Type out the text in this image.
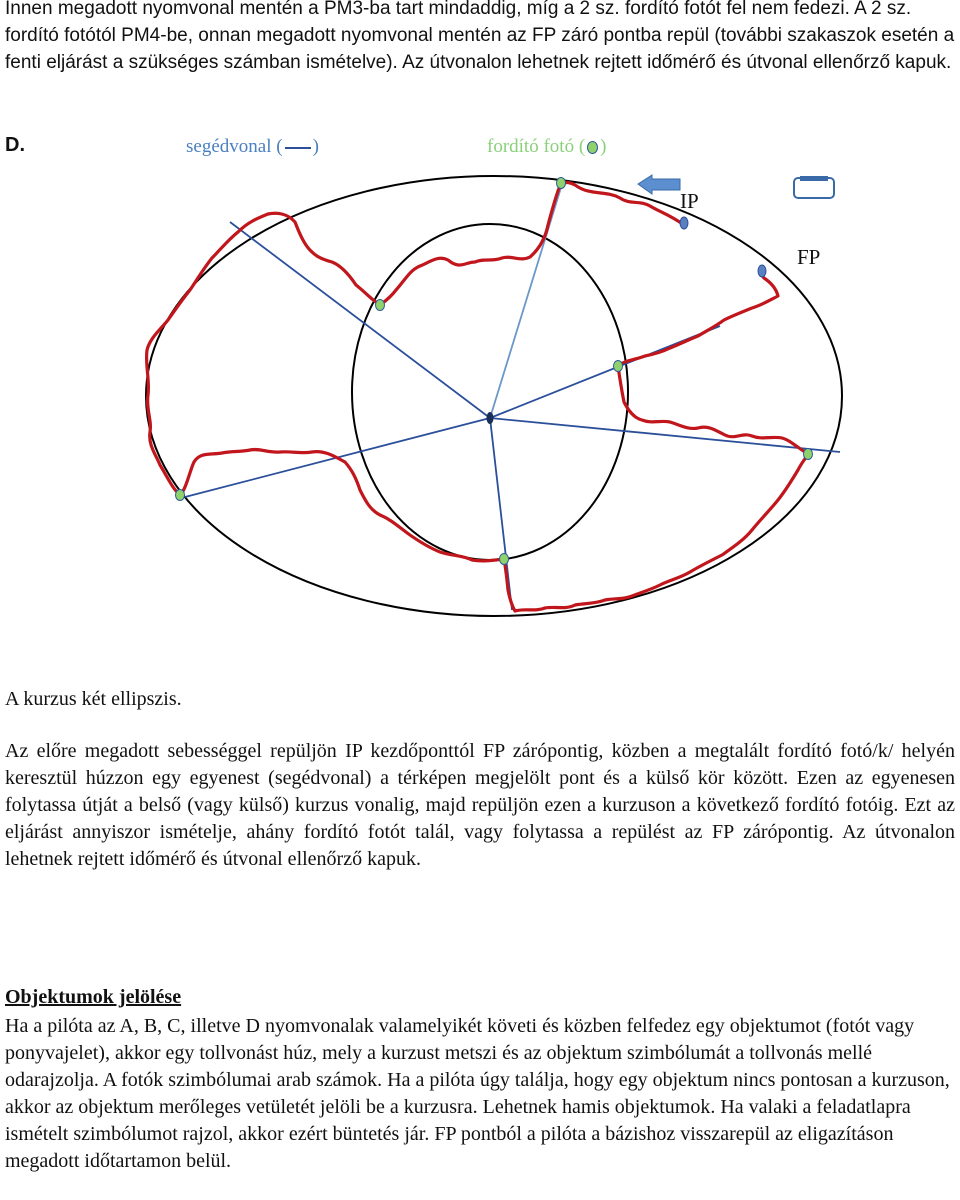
Innen megadott nyomvonal mentén a PM3-ba tart mindaddig, míg a 2 sz. fordító fotót fel nem fedezi. A 2 sz. fordító fotótól PM4-be, onnan megadott nyomvonal mentén az FP záró pontba repül (további szakaszok esetén a fenti eljárást a szükséges számban ismételve). Az útvonalon lehetnek rejtett időmérő és útvonal ellenőrző kapuk.

D.	segédvonal ( )	fordító fotó ( )
IP
FP

A kurzus két ellipszis.

Az előre megadott sebességgel repüljön IP kezdőponttól FP zárópontig, közben a megtalált fordító fotó/k/ helyén keresztül húzzon egy egyenest (segédvonal) a térképen megjelölt pont és a külső kör között. Ezen az egyenesen folytassa útját a belső (vagy külső) kurzus vonalig, majd repüljön ezen a kurzuson a következő fordító fotóig. Ezt az eljárást annyiszor ismételje, ahány fordító fotót talál, vagy folytassa a repülést az FP zárópontig. Az útvonalon lehetnek rejtett időmérő és útvonal ellenőrző kapuk.

Objektumok jelölése

Ha a pilóta az A, B, C, illetve D nyomvonalak valamelyikét követi és közben felfedez egy objektumot (fotót vagy ponyvajelet), akkor egy tollvonást húz, mely a kurzust metszi és az objektum szimbólumát a tollvonás mellé odarajzolja. A fotók szimbólumai arab számok. Ha a pilóta úgy találja, hogy egy objektum nincs pontosan a kurzuson, akkor az objektum merőleges vetületét jelöli be a kurzusra. Lehetnek hamis objektumok. Ha valaki a feladatlapra ismételt szimbólumot rajzol, akkor ezért büntetés jár. FP pontból a pilóta a bázishoz visszarepül az eligazításon megadott időtartamon belül.
